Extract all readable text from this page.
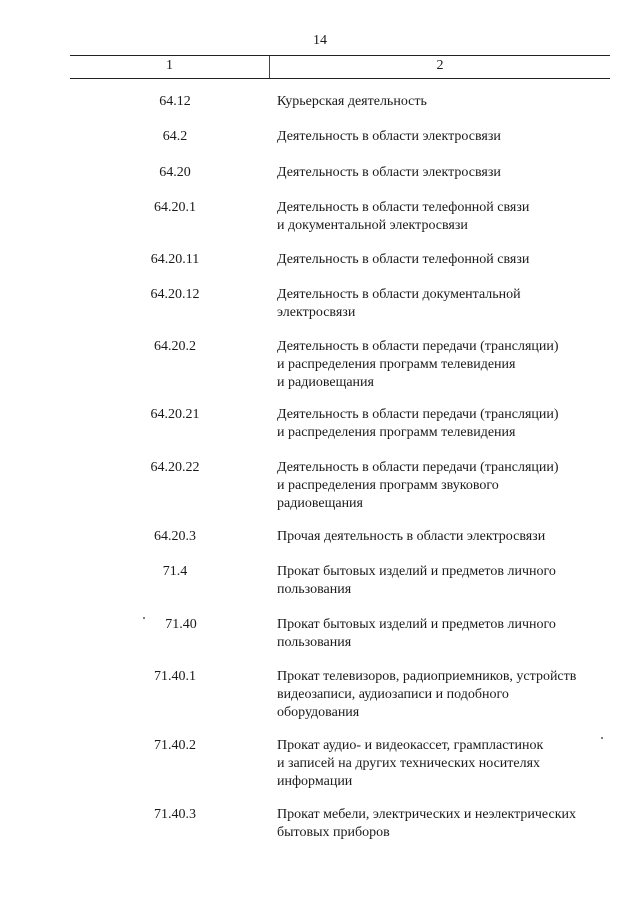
14
1	2
64.12	Курьерская деятельность
64.2	Деятельность в области электросвязи
64.20	Деятельность в области электросвязи
64.20.1	Деятельность в области телефонной связи
и документальной электросвязи
64.20.11	Деятельность в области телефонной связи
64.20.12	Деятельность в области документальной
электросвязи
64.20.2	Деятельность в области передачи (трансляции)
и распределения программ телевидения
и радиовещания
64.20.21	Деятельность в области передачи (трансляции)
и распределения программ телевидения
64.20.22	Деятельность в области передачи (трансляции)
и распределения программ звукового
радиовещания
64.20.3	Прочая деятельность в области электросвязи
71.4	Прокат бытовых изделий и предметов личного
пользования
71.40	Прокат бытовых изделий и предметов личного
пользования
71.40.1	Прокат телевизоров, радиоприемников, устройств
видеозаписи, аудиозаписи и подобного
оборудования
71.40.2	Прокат аудио- и видеокассет, грампластинок
и записей на других технических носителях
информации
71.40.3	Прокат мебели, электрических и неэлектрических
бытовых приборов
